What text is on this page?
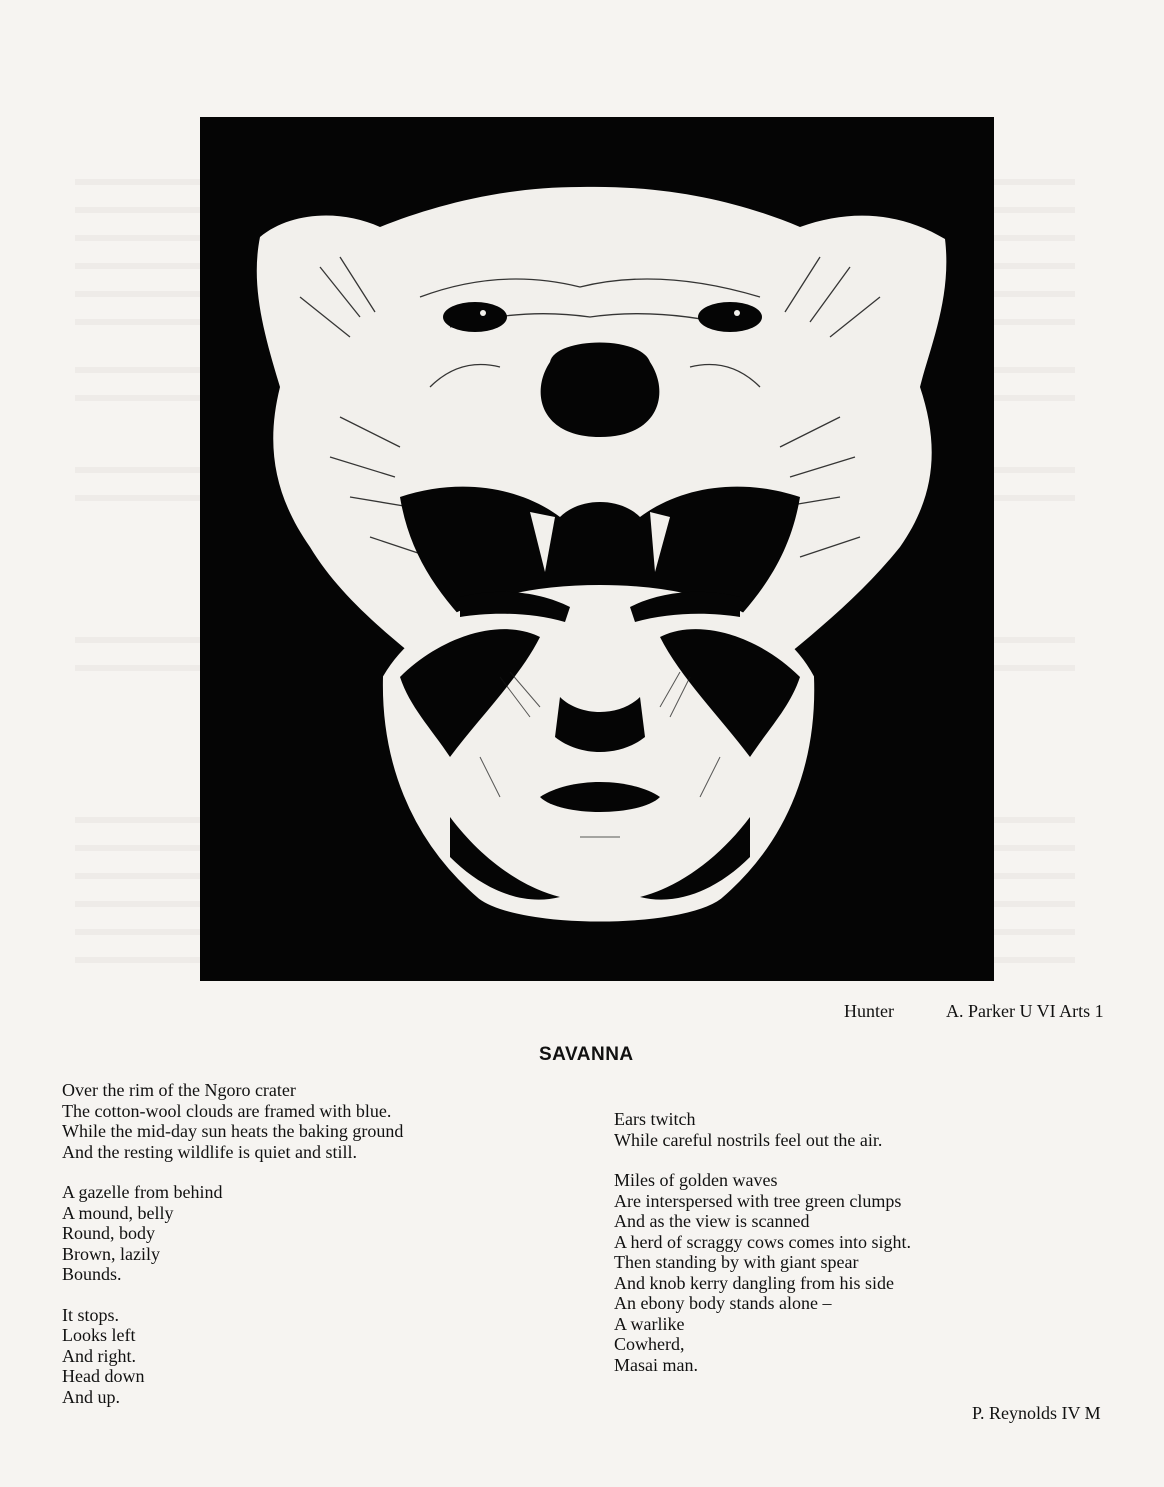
Hunter	A. Parker U VI Arts 1
SAVANNA
Over the rim of the Ngoro crater
The cotton-wool clouds are framed with blue.
While the mid-day sun heats the baking ground
And the resting wildlife is quiet and still.
A gazelle from behind
A mound, belly
Round, body
Brown, lazily
Bounds.
It stops.
Looks left
And right.
Head down
And up.
Ears twitch
While careful nostrils feel out the air.
Miles of golden waves
Are interspersed with tree green clumps
And as the view is scanned
A herd of scraggy cows comes into sight.
Then standing by with giant spear
And knob kerry dangling from his side
An ebony body stands alone –
A warlike
Cowherd,
Masai man.
P. Reynolds IV M
